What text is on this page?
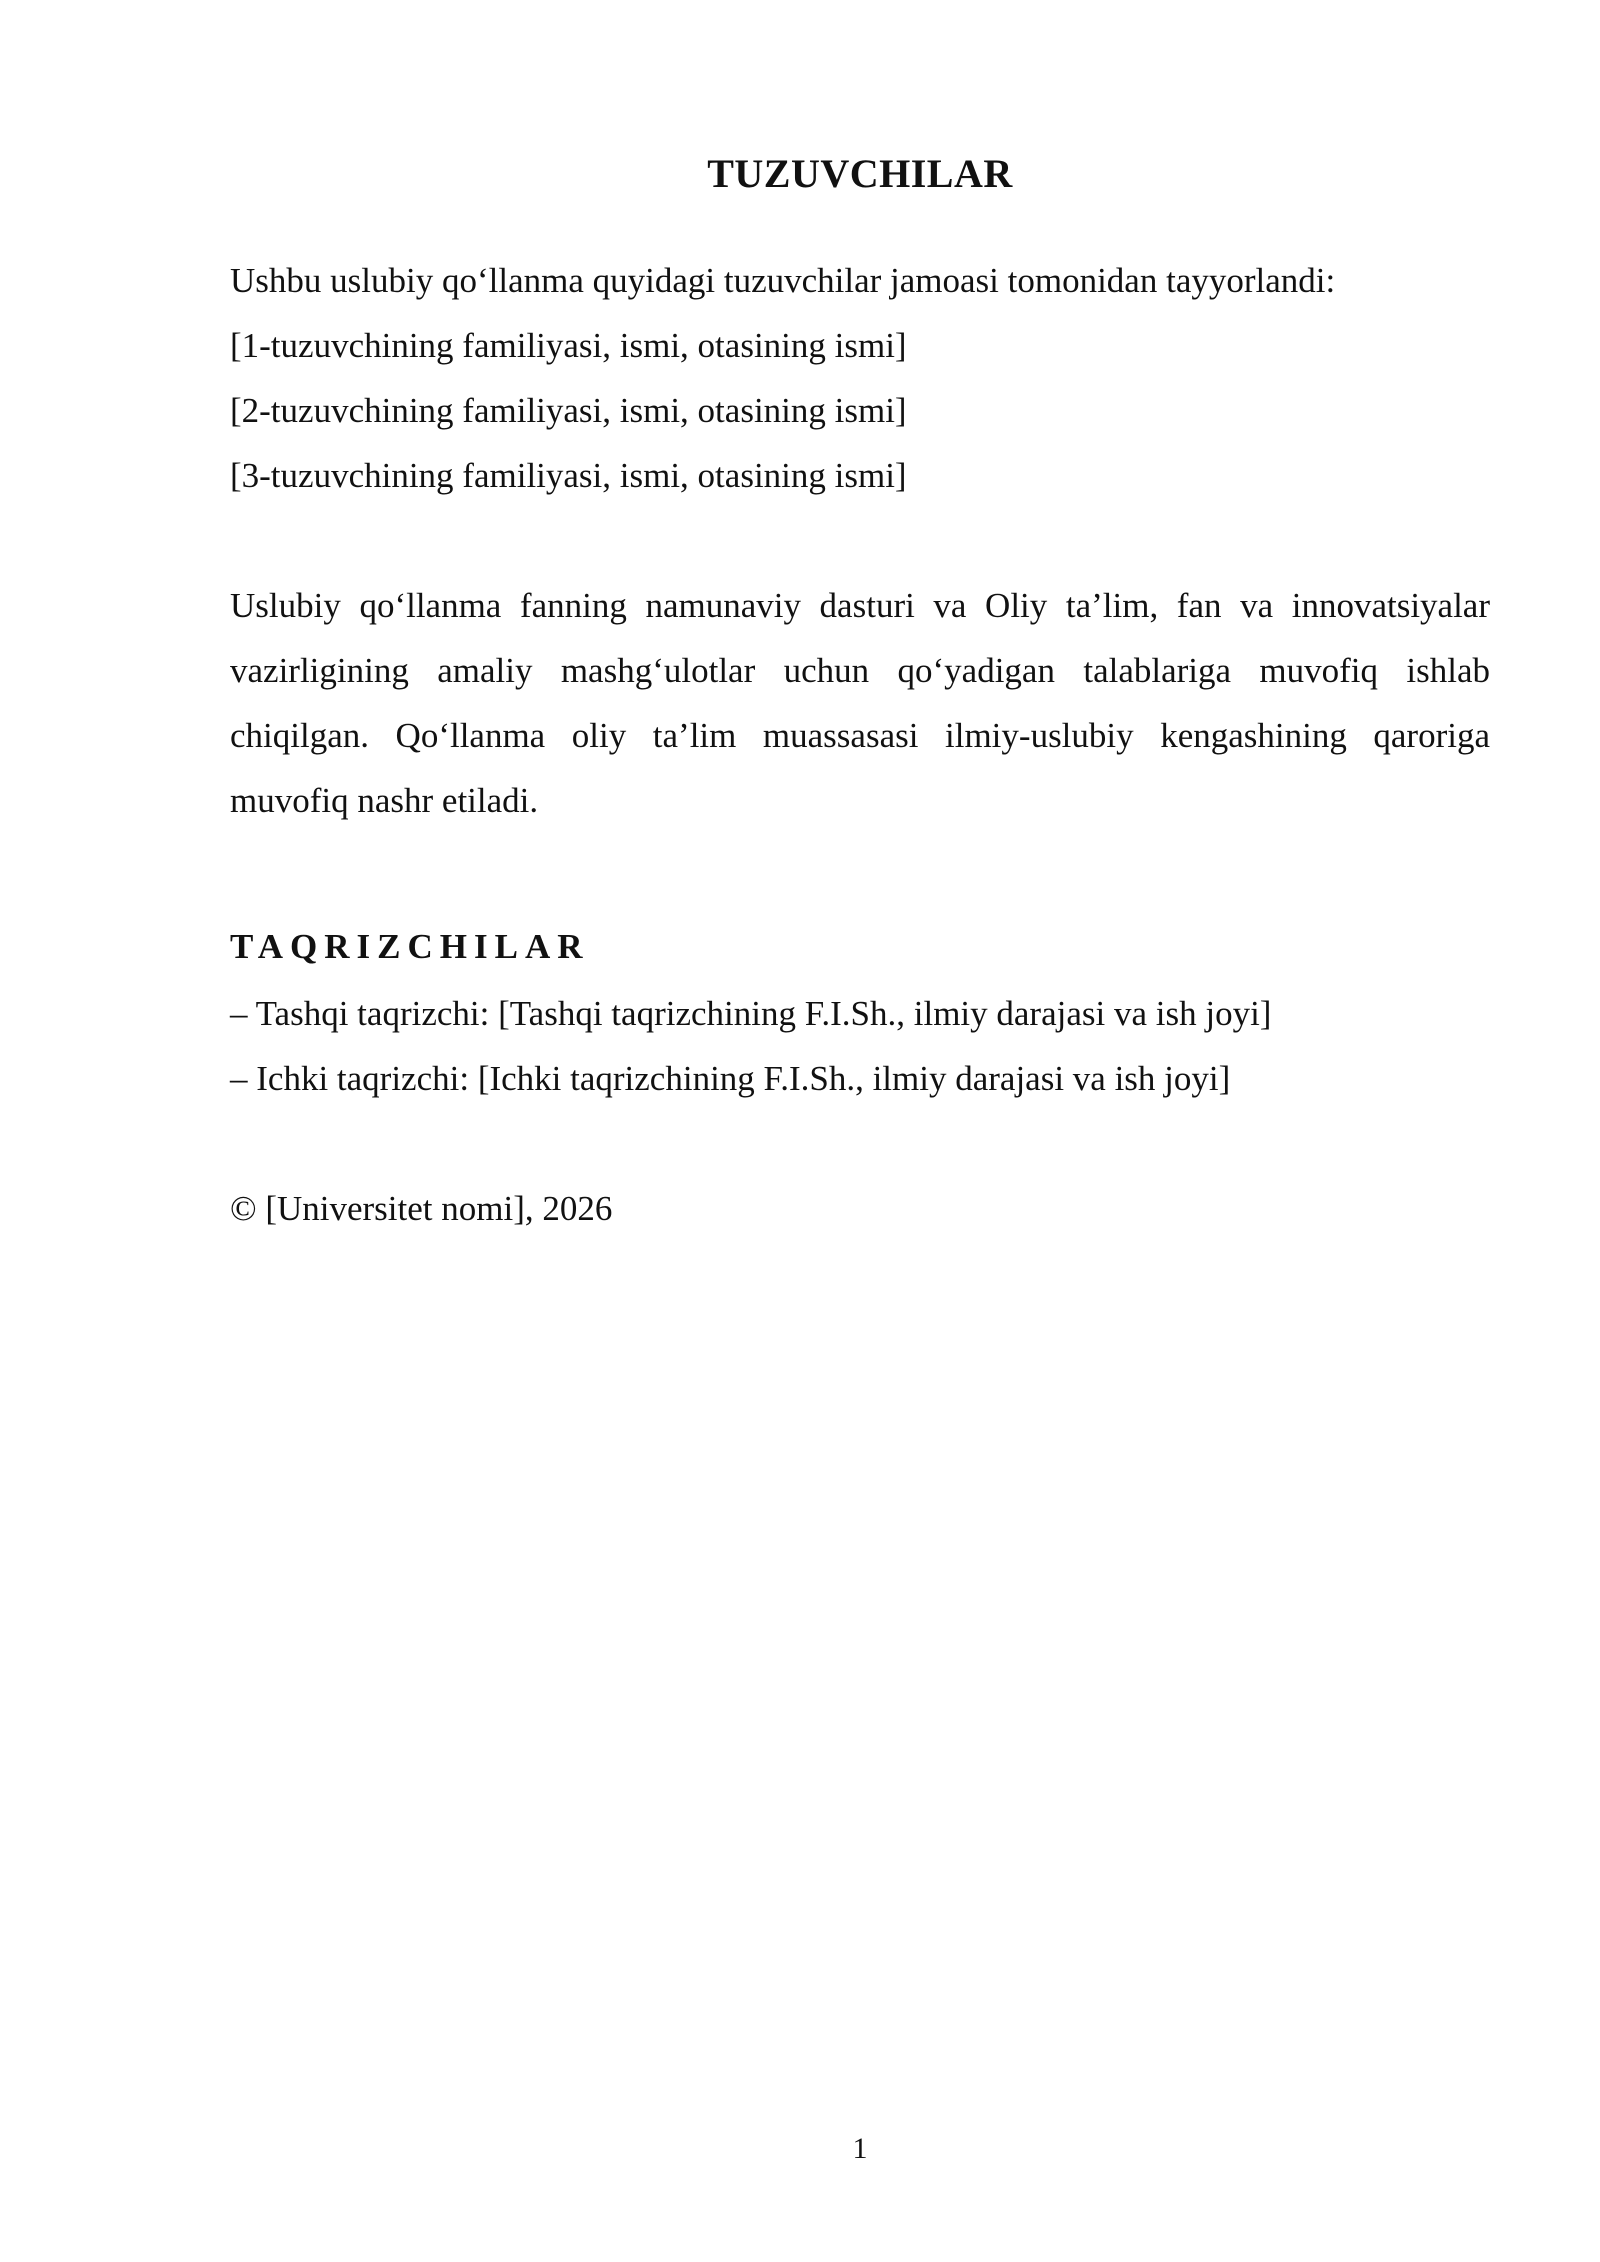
TUZUVCHILAR
Ushbu uslubiy qo‘llanma quyidagi tuzuvchilar jamoasi tomonidan tayyorlandi:
[1-tuzuvchining familiyasi, ismi, otasining ismi]
[2-tuzuvchining familiyasi, ismi, otasining ismi]
[3-tuzuvchining familiyasi, ismi, otasining ismi]
Uslubiy qo‘llanma fanning namunaviy dasturi va Oliy ta’lim, fan va innovatsiyalar vazirligining amaliy mashg‘ulotlar uchun qo‘yadigan talablariga muvofiq ishlab chiqilgan. Qo‘llanma oliy ta’lim muassasasi ilmiy-uslubiy kengashining qaroriga muvofiq nashr etiladi.
TAQRIZCHILAR
– Tashqi taqrizchi: [Tashqi taqrizchining F.I.Sh., ilmiy darajasi va ish joyi]
– Ichki taqrizchi: [Ichki taqrizchining F.I.Sh., ilmiy darajasi va ish joyi]
© [Universitet nomi], 2026
1
